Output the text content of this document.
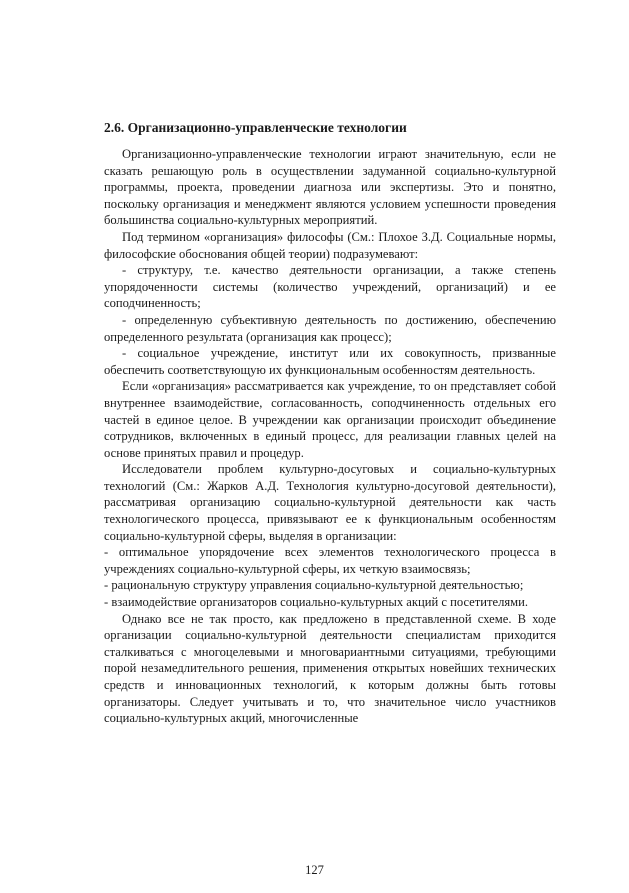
2.6. Организационно-управленческие технологии

Организационно-управленческие технологии играют значительную, если не сказать решающую роль в осуществлении задуманной социально-культурной программы, проекта, проведении диагноза или экспертизы. Это и понятно, поскольку организация и менеджмент являются условием успешности проведения большинства социально-культурных мероприятий.

Под термином «организация» философы (См.: Плохое З.Д. Социальные нормы, философские обоснования общей теории) подразумевают:

- структуру, т.е. качество деятельности организации, а также степень упорядоченности системы (количество учреждений, организаций) и ее соподчиненность;

- определенную субъективную деятельность по достижению, обеспечению определенного результата (организация как процесс);

- социальное учреждение, институт или их совокупность, призванные обеспечить соответствующую их функциональным особенностям деятельность.

Если «организация» рассматривается как учреждение, то он представляет собой внутреннее взаимодействие, согласованность, соподчиненность отдельных его частей в единое целое. В учреждении как организации происходит объединение сотрудников, включенных в единый процесс, для реализации главных целей на основе принятых правил и процедур.

Исследователи проблем культурно-досуговых и социально-культурных технологий (См.: Жарков А.Д. Технология культурно-досуговой деятельности), рассматривая организацию социально-культурной деятельности как часть технологического процесса, привязывают ее к функциональным особенностям социально-культурной сферы, выделяя в организации:

- оптимальное упорядочение всех элементов технологического процесса в учреждениях социально-культурной сферы, их четкую взаимосвязь;

- рациональную структуру управления социально-культурной деятельностью;

- взаимодействие организаторов социально-культурных акций с посетителями.

Однако все не так просто, как предложено в представленной схеме. В ходе организации социально-культурной деятельности специалистам приходится сталкиваться с многоцелевыми и многовариантными ситуациями, требующими порой незамедлительного решения, применения открытых новейших технических средств и инновационных технологий, к которым должны быть готовы организаторы. Следует учитывать и то, что значительное число участников социально-культурных акций, многочисленные

127
